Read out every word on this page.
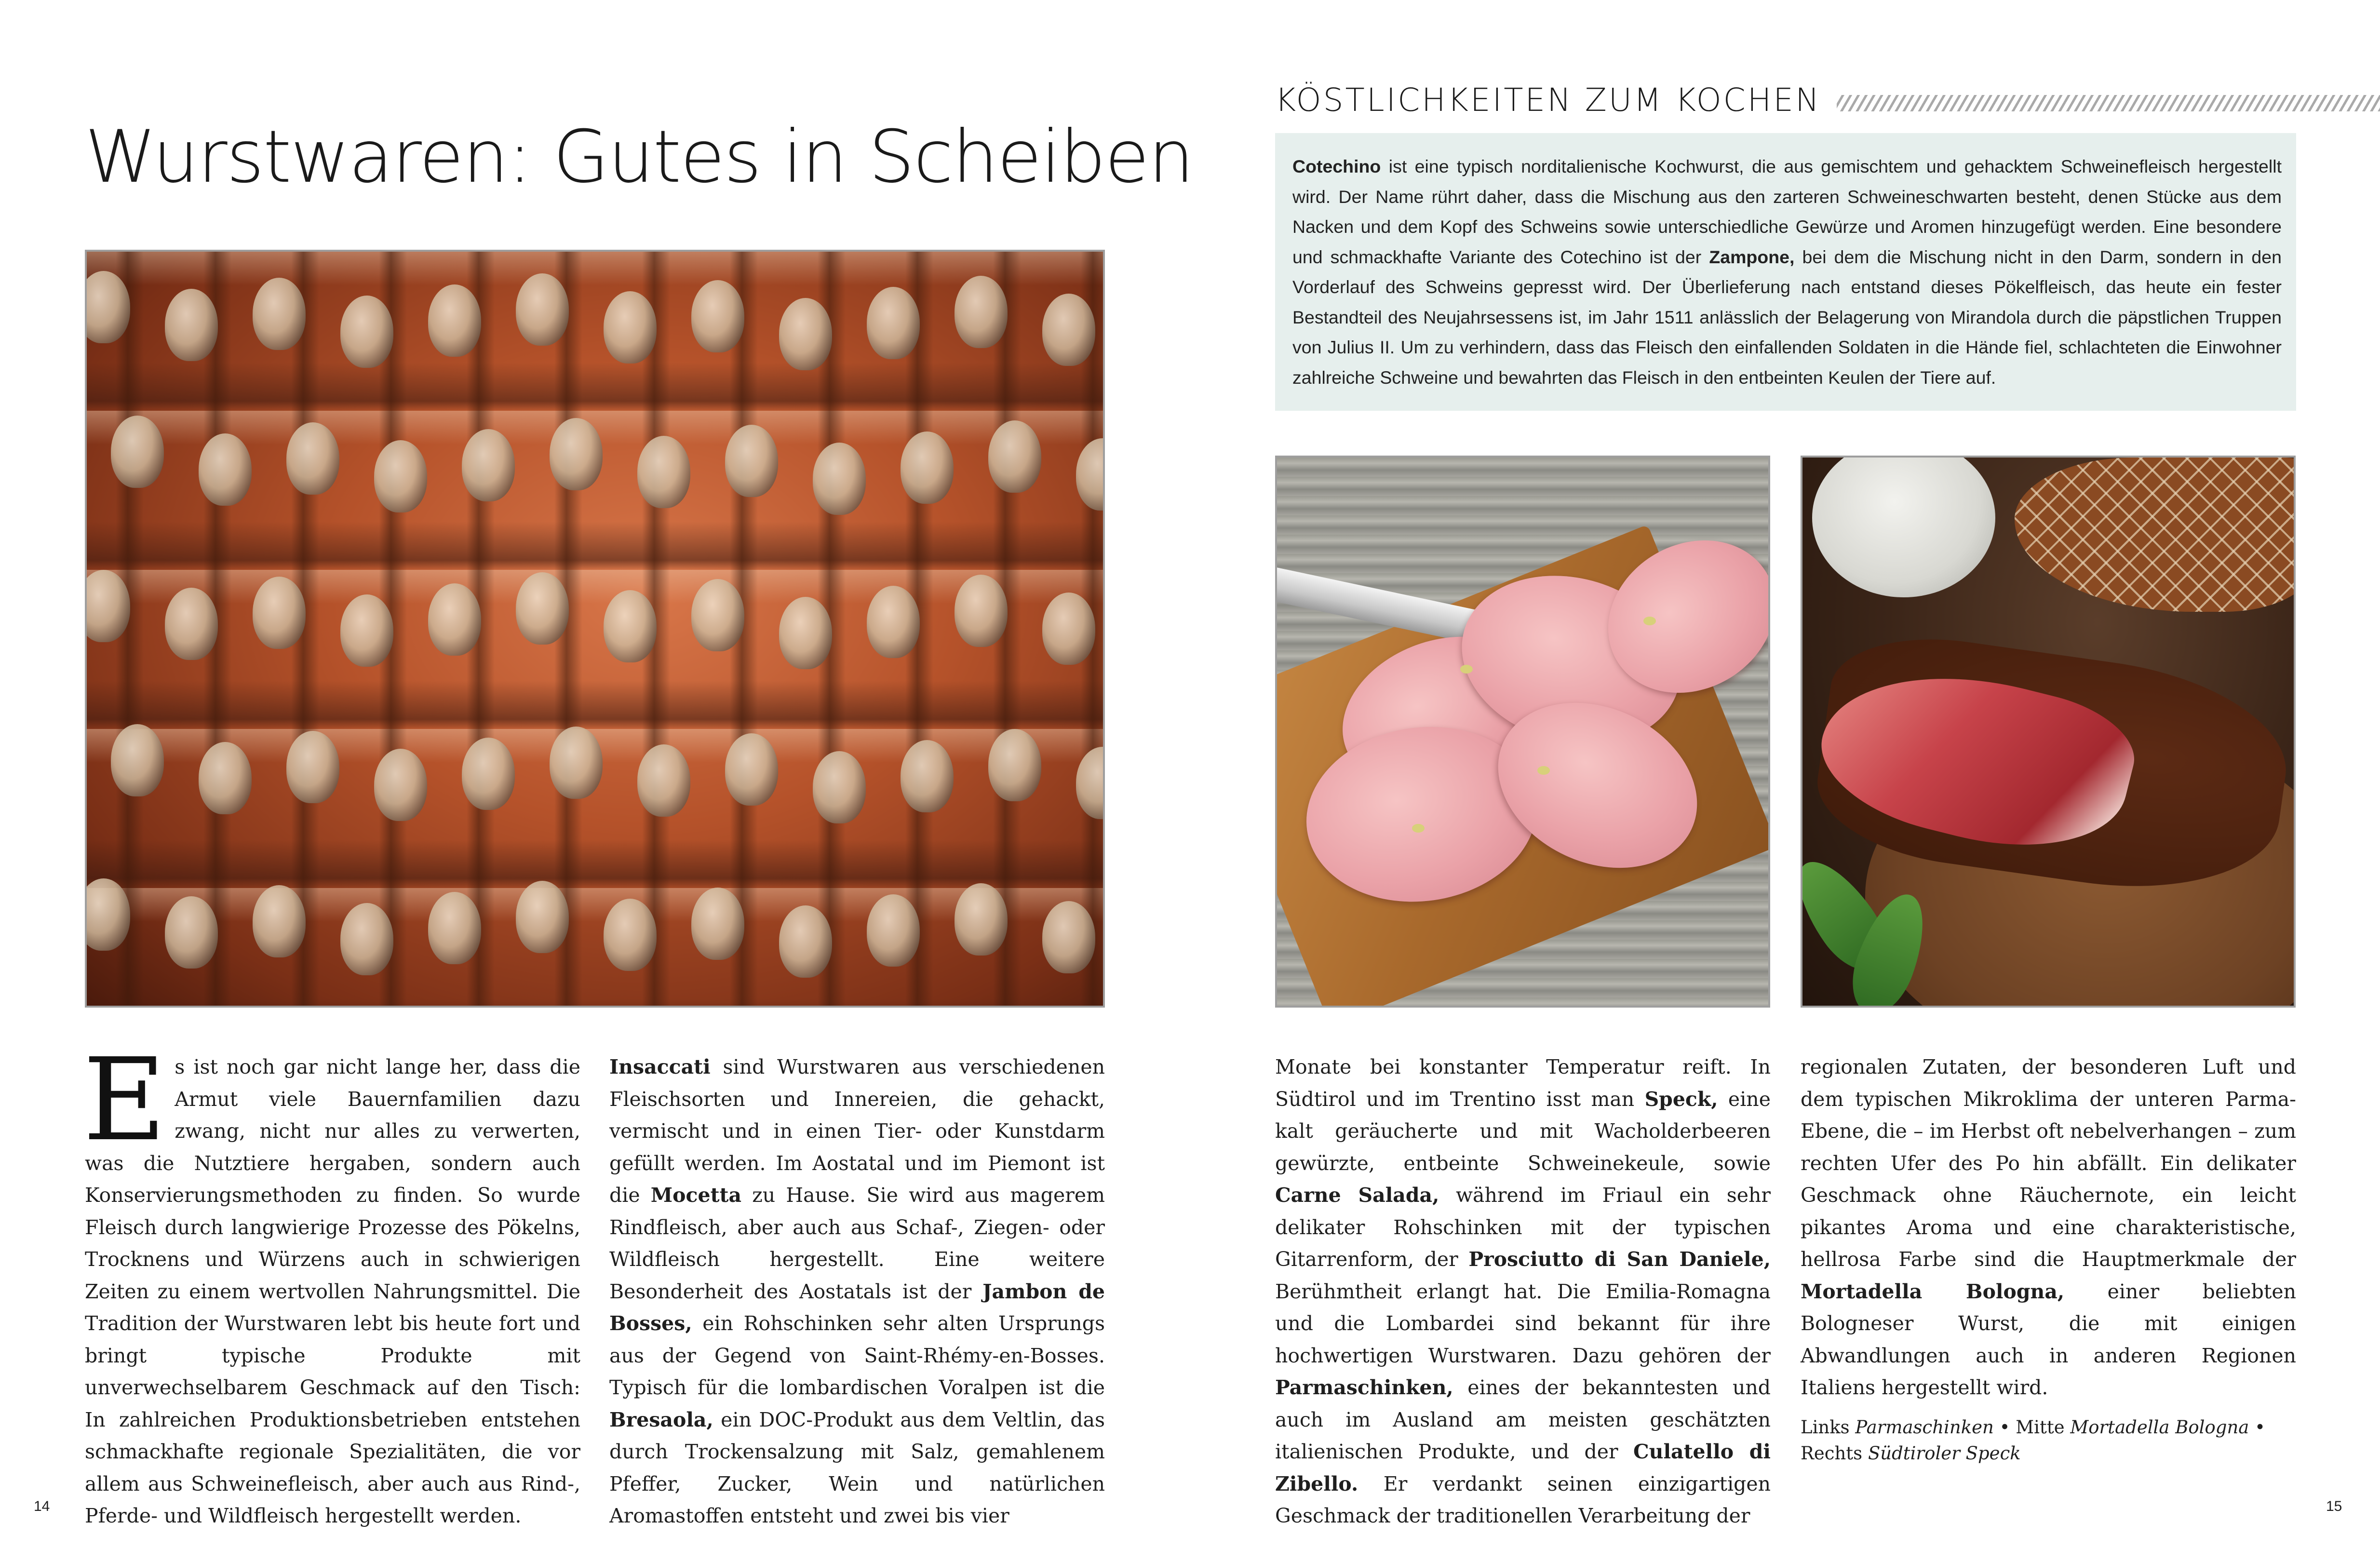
Wurstwaren: Gutes in Scheiben

Es ist noch gar nicht lange her, dass die Armut viele Bauernfamilien dazu zwang, nicht nur alles zu verwerten, was die Nutztiere hergaben, sondern auch Konservierungsmethoden zu finden. So wurde Fleisch durch langwierige Prozesse des Pökelns, Trocknens und Würzens auch in schwierigen Zeiten zu einem wertvollen Nahrungsmittel. Die Tradition der Wurstwaren lebt bis heute fort und bringt typische Produkte mit unverwechselbarem Geschmack auf den Tisch: In zahlreichen Produktionsbetrieben entstehen schmackhafte regionale Spezialitäten, die vor allem aus Schweinefleisch, aber auch aus Rind-, Pferde- und Wildfleisch hergestellt werden.

Insaccati sind Wurstwaren aus verschiedenen Fleischsorten und Innereien, die gehackt, vermischt und in einen Tier- oder Kunstdarm gefüllt werden. Im Aostatal und im Piemont ist die Mocetta zu Hause. Sie wird aus magerem Rindfleisch, aber auch aus Schaf-, Ziegen- oder Wildfleisch hergestellt. Eine weitere Besonderheit des Aostatals ist der Jambon de Bosses, ein Rohschinken sehr alten Ursprungs aus der Gegend von Saint-Rhémy-en-Bosses. Typisch für die lombardischen Voralpen ist die Bresaola, ein DOC-Produkt aus dem Veltlin, das durch Trockensalzung mit Salz, gemahlenem Pfeffer, Zucker, Wein und natürlichen Aromastoffen entsteht und zwei bis vier

14
KÖSTLICHKEITEN ZUM KOCHEN

Cotechino ist eine typisch norditalienische Kochwurst, die aus gemischtem und gehacktem Schweinefleisch hergestellt wird. Der Name rührt daher, dass die Mischung aus den zarteren Schweineschwarten besteht, denen Stücke aus dem Nacken und dem Kopf des Schweins sowie unterschiedliche Gewürze und Aromen hinzugefügt werden. Eine besondere und schmackhafte Variante des Cotechino ist der Zampone, bei dem die Mischung nicht in den Darm, sondern in den Vorderlauf des Schweins gepresst wird. Der Überlieferung nach entstand dieses Pökelfleisch, das heute ein fester Bestandteil des Neujahrsessens ist, im Jahr 1511 anlässlich der Belagerung von Mirandola durch die päpstlichen Truppen von Julius II. Um zu verhindern, dass das Fleisch den einfallenden Soldaten in die Hände fiel, schlachteten die Einwohner zahlreiche Schweine und bewahrten das Fleisch in den entbeinten Keulen der Tiere auf.

Monate bei konstanter Temperatur reift. In Südtirol und im Trentino isst man Speck, eine kalt geräucherte und mit Wacholderbeeren gewürzte, entbeinte Schweinekeule, sowie Carne Salada, während im Friaul ein sehr delikater Rohschinken mit der typischen Gitarrenform, der Prosciutto di San Daniele, Berühmtheit erlangt hat. Die Emilia-Romagna und die Lombardei sind bekannt für ihre hochwertigen Wurstwaren. Dazu gehören der Parmaschinken, eines der bekanntesten und auch im Ausland am meisten geschätzten italienischen Produkte, und der Culatello di Zibello. Er verdankt seinen einzigartigen Geschmack der traditionellen Verarbeitung der

regionalen Zutaten, der besonderen Luft und dem typischen Mikroklima der unteren Parma-Ebene, die – im Herbst oft nebelverhangen – zum rechten Ufer des Po hin abfällt. Ein delikater Geschmack ohne Räuchernote, ein leicht pikantes Aroma und eine charakteristische, hellrosa Farbe sind die Hauptmerkmale der Mortadella Bologna, einer beliebten Bologneser Wurst, die mit einigen Abwandlungen auch in anderen Regionen Italiens hergestellt wird.

Links Parmaschinken • Mitte Mortadella Bologna • Rechts Südtiroler Speck
15
